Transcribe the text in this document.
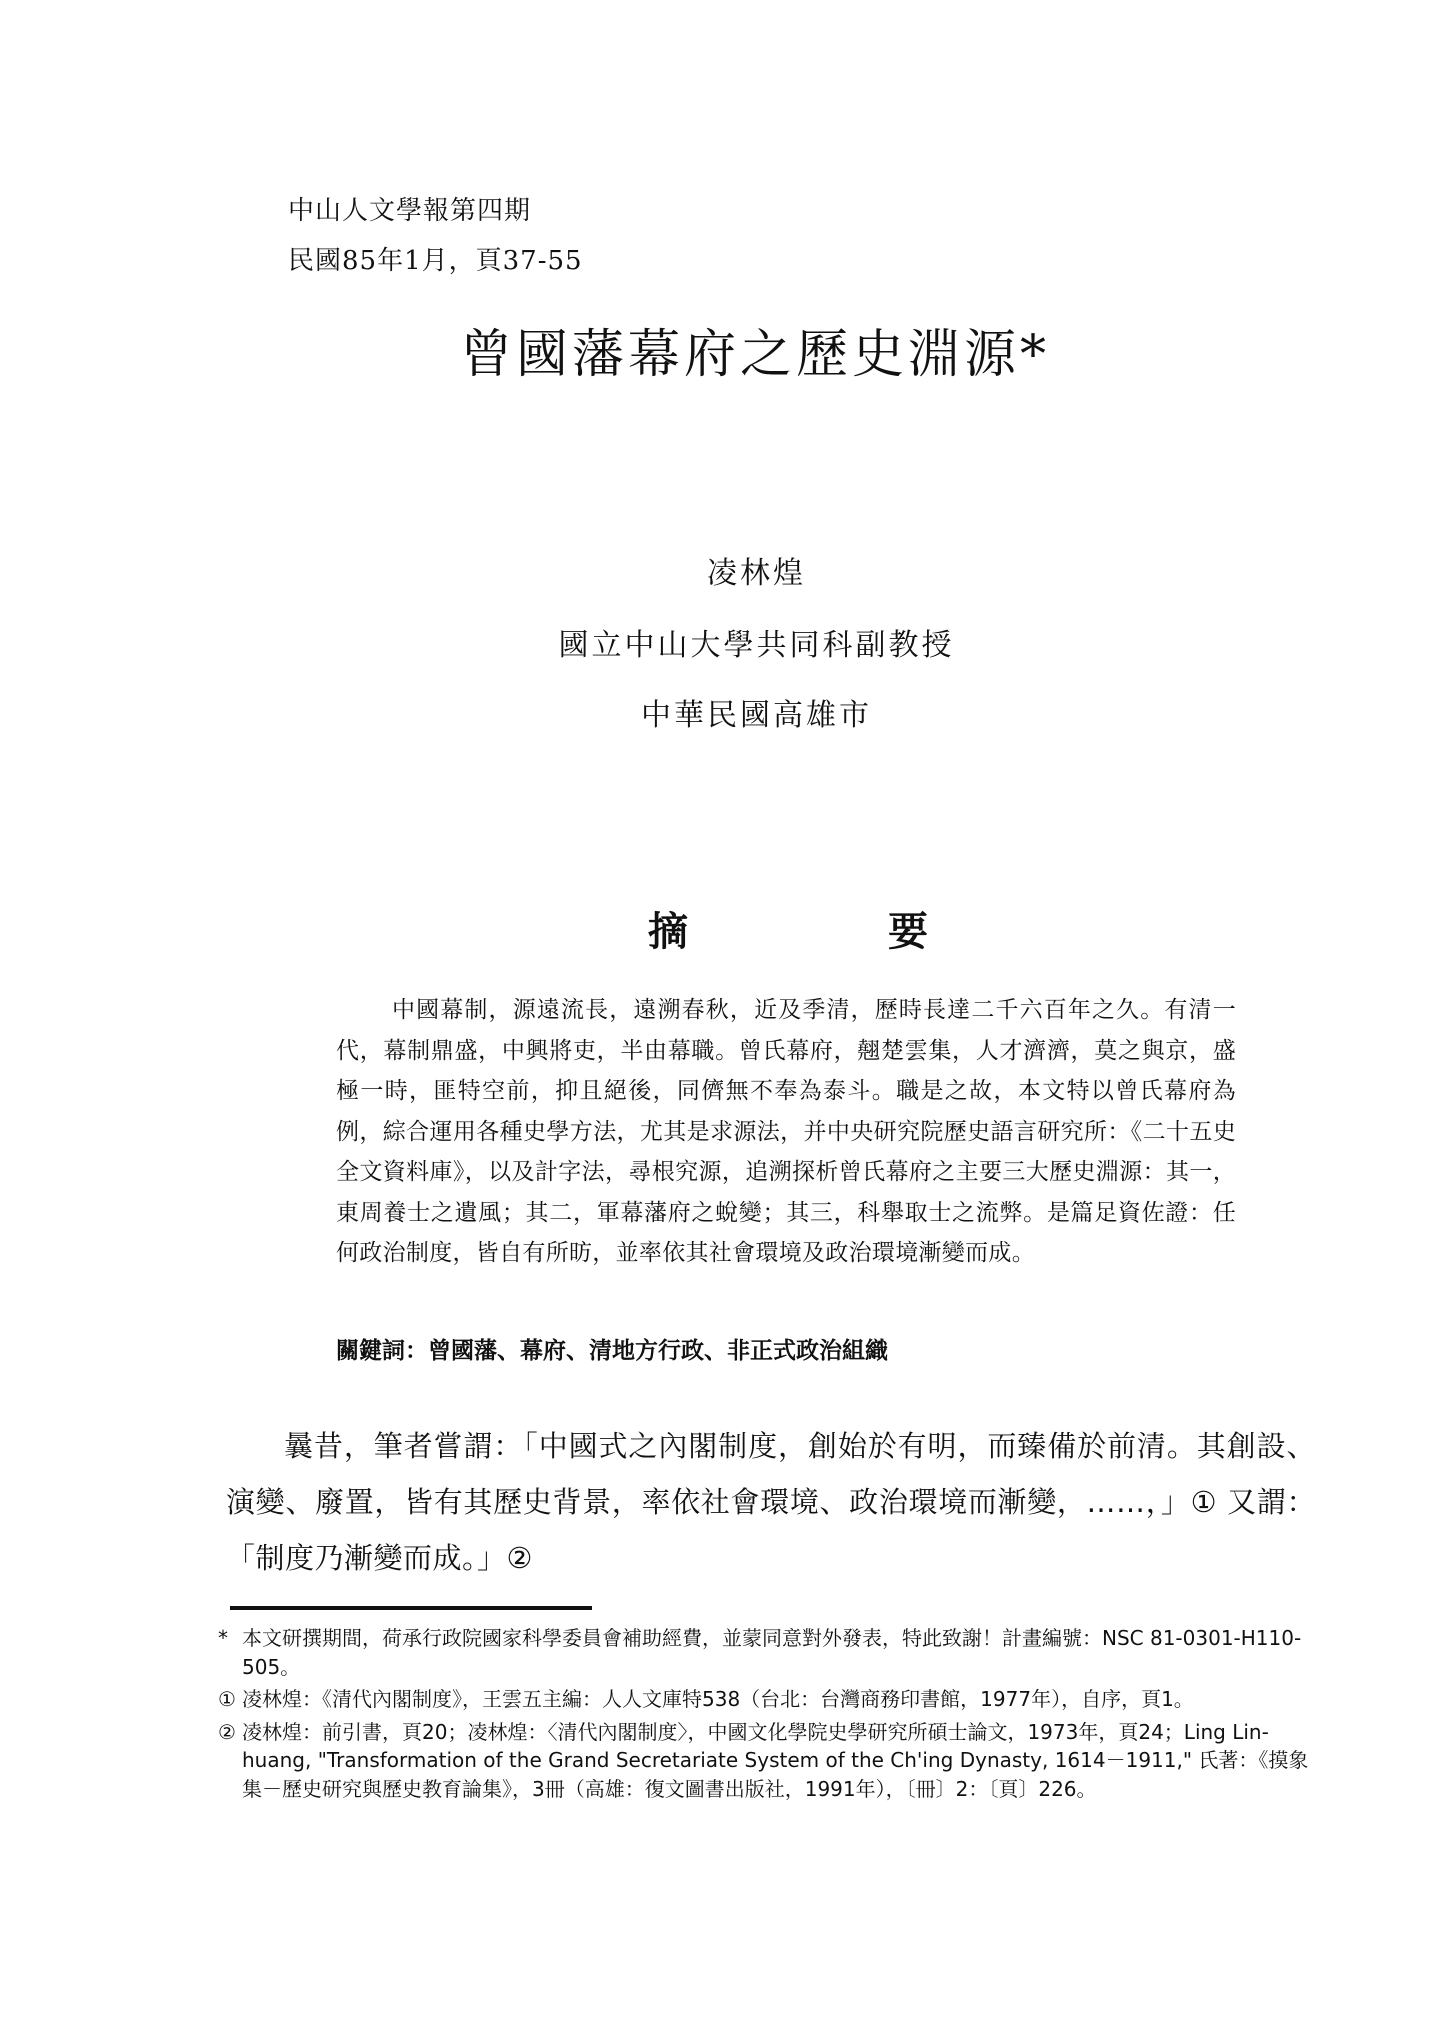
中山人文學報第四期
民國85年1月，頁37-55
曾國藩幕府之歷史淵源*
凌林煌
國立中山大學共同科副教授
中華民國高雄市
摘	要

中國幕制，源遠流長，遠溯春秋，近及季清，歷時長達二千六百年之久。有清一代，幕制鼎盛，中興將吏，半由幕職。曾氏幕府，翹楚雲集，人才濟濟，莫之與京，盛極一時，匪特空前，抑且絕後，同儕無不奉為泰斗。職是之故，本文特以曾氏幕府為例，綜合運用各種史學方法，尤其是求源法，并中央研究院歷史語言研究所：《二十五史全文資料庫》，以及計字法，尋根究源，追溯探析曾氏幕府之主要三大歷史淵源：其一，東周養士之遺風；其二，軍幕藩府之蛻變；其三，科舉取士之流弊。是篇足資佐證：任何政治制度，皆自有所昉，並率依其社會環境及政治環境漸變而成。

關鍵詞：曾國藩、幕府、清地方行政、非正式政治組織

曩昔，筆者嘗謂：「中國式之內閣制度，創始於有明，而臻備於前清。其創設、演變、廢置，皆有其歷史背景，率依社會環境、政治環境而漸變，……，」① 又謂：「制度乃漸變而成。」②

* 本文研撰期間，荷承行政院國家科學委員會補助經費，並蒙同意對外發表，特此致謝！計畫編號：NSC 81-0301-H110-505。
① 凌林煌：《清代內閣制度》，王雲五主編：人人文庫特538（台北：台灣商務印書館，1977年），自序，頁1。
② 凌林煌：前引書，頁20；凌林煌：〈清代內閣制度〉，中國文化學院史學研究所碩士論文，1973年，頁24；Ling Lin-huang, "Transformation of the Grand Secretariate System of the Ch'ing Dynasty, 1614－1911," 氏著：《摸象集－歷史研究與歷史教育論集》，3冊（高雄：復文圖書出版社，1991年），〔冊〕2：〔頁〕226。
